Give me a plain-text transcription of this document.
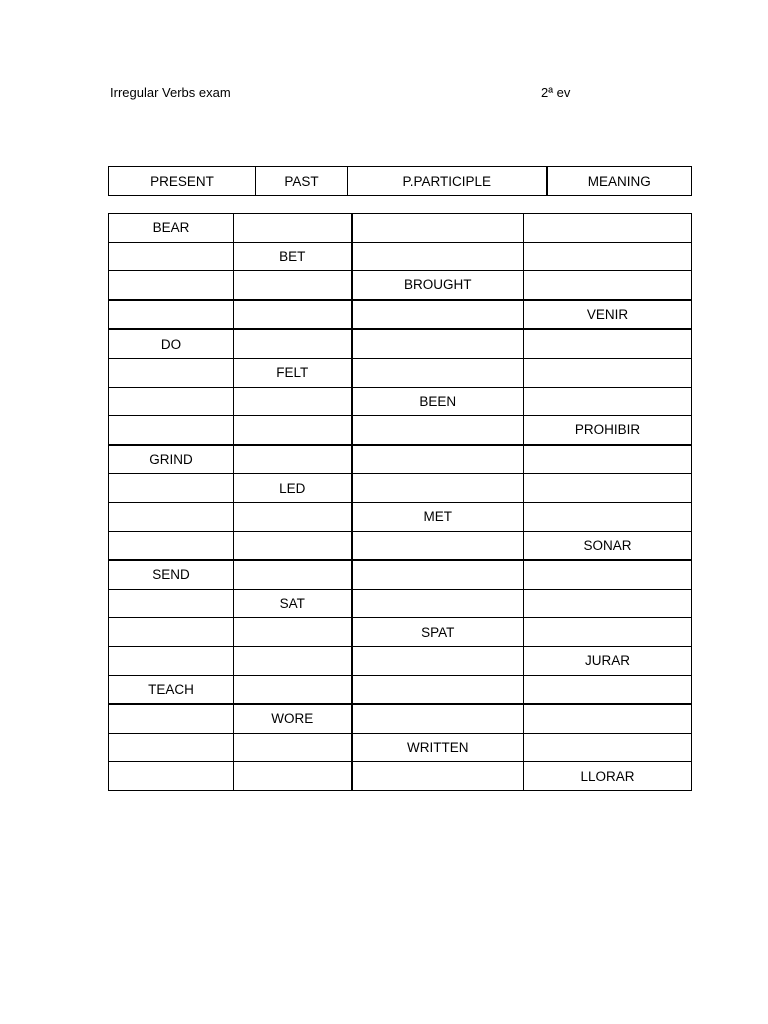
Irregular Verbs exam	2ª ev
PRESENT	PAST	P.PARTICIPLE	MEANING
BEAR			
	BET		
		BROUGHT	
			VENIR
DO			
	FELT		
		BEEN	
			PROHIBIR
GRIND			
	LED		
		MET	
			SONAR
SEND			
	SAT		
		SPAT	
			JURAR
TEACH			
	WORE		
		WRITTEN	
			LLORAR
